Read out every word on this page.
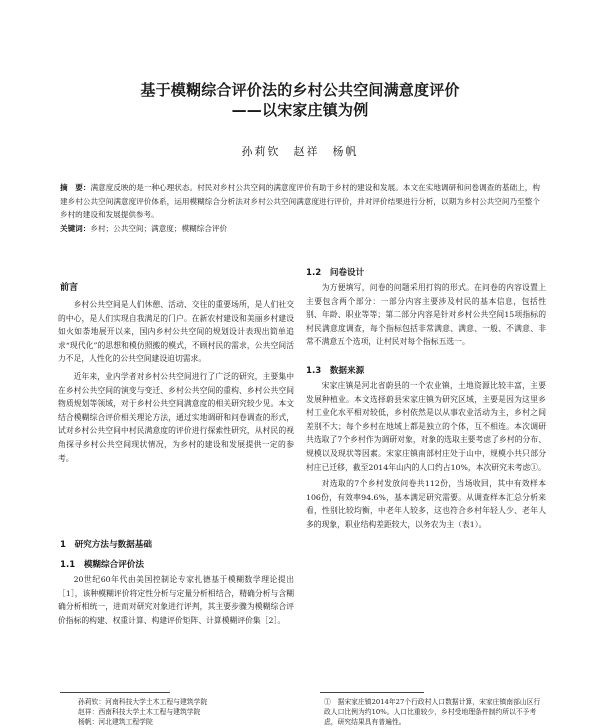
基于模糊综合评价法的乡村公共空间满意度评价
——以宋家庄镇为例
孙莉钦　赵祥　杨帆
摘　要：满意度反映的是一种心理状态。村民对乡村公共空间的满意度评价有助于乡村的建设和发展。本文在实地调研和问卷调查的基础上，构建乡村公共空间满意度评价体系，运用模糊综合分析法对乡村公共空间满意度进行评价，并对评价结果进行分析，以期为乡村公共空间乃至整个乡村的建设和发展提供参考。
关键词：乡村；公共空间；满意度；模糊综合评价
前言

乡村公共空间是人们休憩、活动、交往的重要场所，是人们社交的中心，是人们实现自我满足的门户。在新农村建设和美丽乡村建设如火如荼地展开以来，国内乡村公共空间的规划设计表现出简单追求“现代化”的思想和模仿照搬的模式，不顾村民的需求，公共空间活力不足，人性化的公共空间建设迫切需求。

近年来，业内学者对乡村公共空间进行了广泛的研究，主要集中在乡村公共空间的演变与变迁、乡村公共空间的重构、乡村公共空间物质规划等领域，对于乡村公共空间满意度的相关研究较少见。本文结合模糊综合评价相关理论方法，通过实地调研和问卷调查的形式，试对乡村公共空间中村民满意度的评价进行探索性研究，从村民的视角探寻乡村公共空间现状情况，为乡村的建设和发展提供一定的参考。

1　研究方法与数据基础
1.1　模糊综合评价法

20世纪60年代由美国控制论专家扎德基于模糊数学理论提出［1］，该种模糊评价将定性分析与定量分析相结合，精确分析与含糊确分析相统一，进而对研究对象进行评判，其主要步骤为模糊综合评价指标的构建、权重计算、构建评价矩阵、计算模糊评价集［2］。

1.2　问卷设计

为方便填写，问卷的问题采用打钩的形式。在问卷的内容设置上主要包含两个部分：一部分内容主要涉及村民的基本信息，包括性别、年龄、职业等等；第二部分内容是针对乡村公共空间15项指标的村民满意度调查，每个指标包括非常满意、满意、一般、不满意、非常不满意五个选项，让村民对每个指标五选一。

1.3　数据来源

宋家庄镇是河北省蔚县的一个农业镇，土地资源比较丰富，主要发展种植业。本文选择蔚县宋家庄镇为研究区域，主要是因为这里乡村工业化水平相对较低，乡村依然是以从事农业活动为主，乡村之间差别不大；每个乡村在地域上都是独立的个体，互不相连。本次调研共选取了7个乡村作为调研对象，对象的选取主要考虑了乡村的分布、规模以及现状等因素。宋家庄镇南部村庄处于山中，规模小共只部分村庄已迁移，截至2014年山内的人口约占10%，本次研究未考虑①。

对选取的7个乡村发放问卷共112份，当场收回，其中有效样本106份，有效率94.6%，基本满足研究需要。从调查样本汇总分析来看，性别比较均衡，中老年人较多，这也符合乡村年轻人少、老年人多的现象，职业结构差距较大，以务农为主（表1）。

孙莉钦：河南科技大学土木工程与建筑学院
赵祥：西南科技大学土木工程与建筑学院
杨帆：河北建筑工程学院
①　据宋家庄镇2014年27个行政村人口数据计算，宋家庄镇南部山区行政人口比例为约10%。人口比重较少，乡村受地理条件制约所以不予考虑，研究结果具有普遍性。
